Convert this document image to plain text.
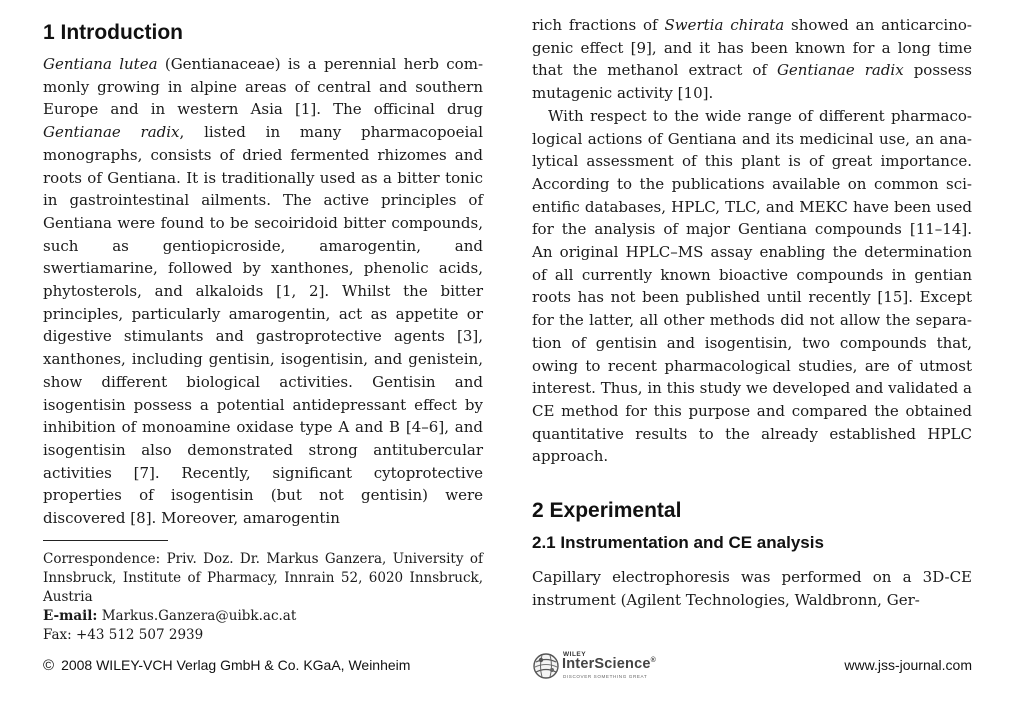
1 Introduction

Gentiana lutea (Gentianaceae) is a perennial herb commonly growing in alpine areas of central and southern Europe and in western Asia [1]. The officinal drug Gentianae radix, listed in many pharmacopoeial monographs, consists of dried fermented rhizomes and roots of Gentiana. It is traditionally used as a bitter tonic in gastrointestinal ailments. The active principles of Gentiana were found to be secoiridoid bitter compounds, such as gentiopicroside, amarogentin, and swertiamarine, followed by xanthones, phenolic acids, phytosterols, and alkaloids [1, 2]. Whilst the bitter principles, particularly amarogentin, act as appetite or digestive stimulants and gastroprotective agents [3], xanthones, including gentisin, isogentisin, and genistein, show different biological activities. Gentisin and isogentisin possess a potential antidepressant effect by inhibition of monoamine oxidase type A and B [4–6], and isogentisin also demonstrated strong antitubercular activities [7]. Recently, significant cytoprotective properties of isogentisin (but not gentisin) were discovered [8]. Moreover, amarogentin

Correspondence: Priv. Doz. Dr. Markus Ganzera, University of Innsbruck, Institute of Pharmacy, Innrain 52, 6020 Innsbruck, Austria

E-mail: Markus.Ganzera@uibk.ac.at

Fax: +43 512 507 2939

rich fractions of Swertia chirata showed an anticarcinogenic effect [9], and it has been known for a long time that the methanol extract of Gentianae radix possess mutagenic activity [10].

With respect to the wide range of different pharmacological actions of Gentiana and its medicinal use, an analytical assessment of this plant is of great importance. According to the publications available on common scientific databases, HPLC, TLC, and MEKC have been used for the analysis of major Gentiana compounds [11–14]. An original HPLC–MS assay enabling the determination of all currently known bioactive compounds in gentian roots has not been published until recently [15]. Except for the latter, all other methods did not allow the separation of gentisin and isogentisin, two compounds that, owing to recent pharmacological studies, are of utmost interest. Thus, in this study we developed and validated a CE method for this purpose and compared the obtained quantitative results to the already established HPLC approach.

2 Experimental
2.1 Instrumentation and CE analysis

Capillary electrophoresis was performed on a 3D-CE instrument (Agilent Technologies, Waldbronn, Ger-

© 2008 WILEY-VCH Verlag GmbH & Co. KGaA, Weinheim
WILEY
InterScience®
DISCOVER SOMETHING GREAT
www.jss-journal.com
